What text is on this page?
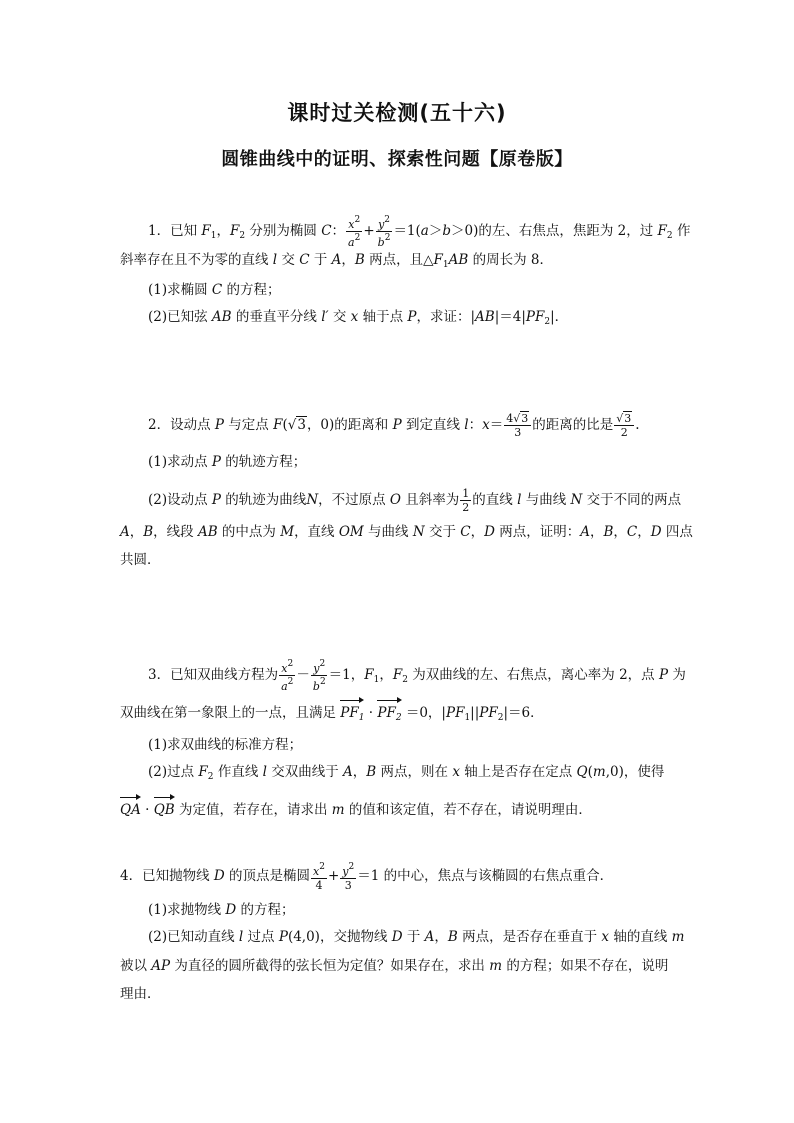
课时过关检测(五十六)
圆锥曲线中的证明、探索性问题【原卷版】
1．已知 $F_1$，$F_2$ 分别为椭圆 C： $\frac{x^2}{a^2} + \frac{y^2}{b^2} =1(a>b>0)$的左、右焦点，焦距为 2，过 $F_2$ 作
斜率存在且不为零的直线 l 交 C 于 A，B 两点，且$\triangle F_1AB$ 的周长为 8．
(1)求椭圆 C 的方程；
(2)已知弦 AB 的垂直平分线 l′ 交 x 轴于点 P，求证：$|AB|=4|PF_2|$．
2．设动点 P 与定点 F(√3，0)的距离和 P 到定直线 l：$x= \frac{4√3}{3}$ 的距离的比是 $\frac{√3}{2}$ .
(1)求动点 P 的轨迹方程；
(2)设动点 P 的轨迹为曲线N，不过原点 O 且斜率为 $\frac{1}{2}$ 的直线 l 与曲线 N 交于不同的两点
A，B，线段 AB 的中点为 M，直线 OM 与曲线 N 交于 C，D 两点，证明：A，B，C，D 四点
共圆．
3．已知双曲线方程为 $\frac{x^2}{a^2} - \frac{y^2}{b^2} =1$，$F_1$，$F_2$ 为双曲线的左、右焦点，离心率为 2，点 P 为
双曲线在第一象限上的一点，且满足 $PF_1 \cdot PF_2 =0$，$|PF_1||PF_2|=6$．
(1)求双曲线的标准方程；
(2)过点 $F_2$ 作直线 l 交双曲线于 A，B 两点，则在 x 轴上是否存在定点 Q(m,0)，使得
QA · QB 为定值，若存在，请求出 m 的值和该定值，若不存在，请说明理由．
4．已知抛物线 D 的顶点是椭圆 $\frac{x^2}{4} + \frac{y^2}{3} =1$ 的中心，焦点与该椭圆的右焦点重合．
(1)求抛物线 D 的方程；
(2)已知动直线 l 过点 P(4,0)，交抛物线 D 于 A，B 两点，是否存在垂直于 x 轴的直线 m
被以 AP 为直径的圆所截得的弦长恒为定值？如果存在，求出 m 的方程；如果不存在，说明
理由．
